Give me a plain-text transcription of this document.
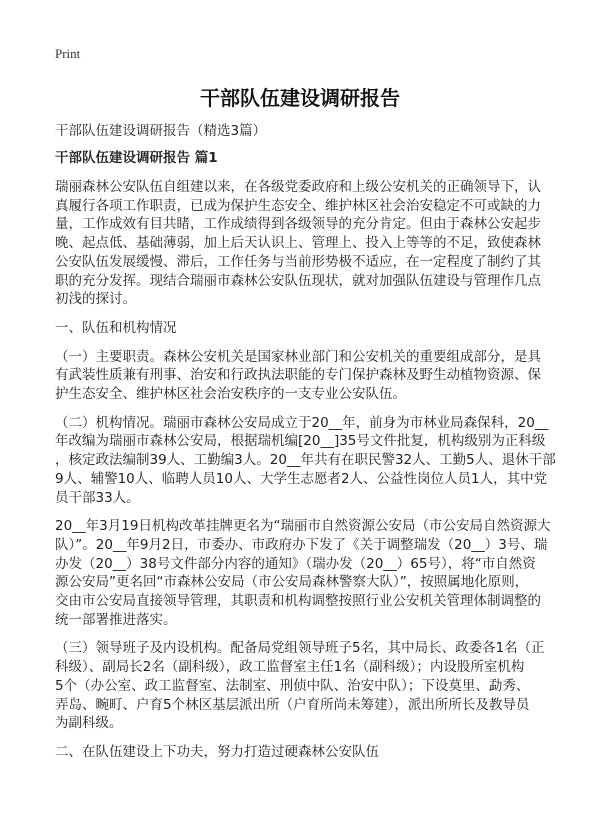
Print
干部队伍建设调研报告
干部队伍建设调研报告（精选3篇）
干部队伍建设调研报告 篇1
瑞丽森林公安队伍自组建以来，在各级党委政府和上级公安机关的正确领导下，认
真履行各项工作职责，已成为保护生态安全、维护林区社会治安稳定不可或缺的力
量，工作成效有目共睹，工作成绩得到各级领导的充分肯定。但由于森林公安起步
晚、起点低、基础薄弱，加上后天认识上、管理上、投入上等等的不足，致使森林
公安队伍发展缓慢、滞后，工作任务与当前形势极不适应，在一定程度了制约了其
职的充分发挥。现结合瑞丽市森林公安队伍现状，就对加强队伍建设与管理作几点
初浅的探讨。
一、队伍和机构情况
（一）主要职责。森林公安机关是国家林业部门和公安机关的重要组成部分，是具
有武装性质兼有刑事、治安和行政执法职能的专门保护森林及野生动植物资源、保
护生态安全、维护林区社会治安秩序的一支专业公安队伍。
（二）机构情况。瑞丽市森林公安局成立于20__年，前身为市林业局森保科，20__
年改编为瑞丽市森林公安局，根据瑞机编[20__]35号文件批复，机构级别为正科级
，核定政法编制39人、工勤编3人。20__年共有在职民警32人、工勤5人、退休干部
9人、辅警10人、临聘人员10人、大学生志愿者2人、公益性岗位人员1人，其中党
员干部33人。
20__年3月19日机构改革挂牌更名为“瑞丽市自然资源公安局（市公安局自然资源大
队）”。20__年9月2日，市委办、市政府办下发了《关于调整瑞发（20__）3号、瑞
办发（20__）38号文件部分内容的通知》（瑞办发（20__）65号），将“市自然资
源公安局”更名回“市森林公安局（市公安局森林警察大队）”，按照属地化原则，
交由市公安局直接领导管理，其职责和机构调整按照行业公安机关管理体制调整的
统一部署推进落实。
（三）领导班子及内设机构。配备局党组领导班子5名，其中局长、政委各1名（正
科级）、副局长2名（副科级），政工监督室主任1名（副科级）；内设股所室机构
5个（办公室、政工监督室、法制室、刑侦中队、治安中队）；下设莫里、勐秀、
弄岛、畹町、户育5个林区基层派出所（户育所尚未筹建），派出所所长及教导员
为副科级。
二、在队伍建设上下功夫，努力打造过硬森林公安队伍
